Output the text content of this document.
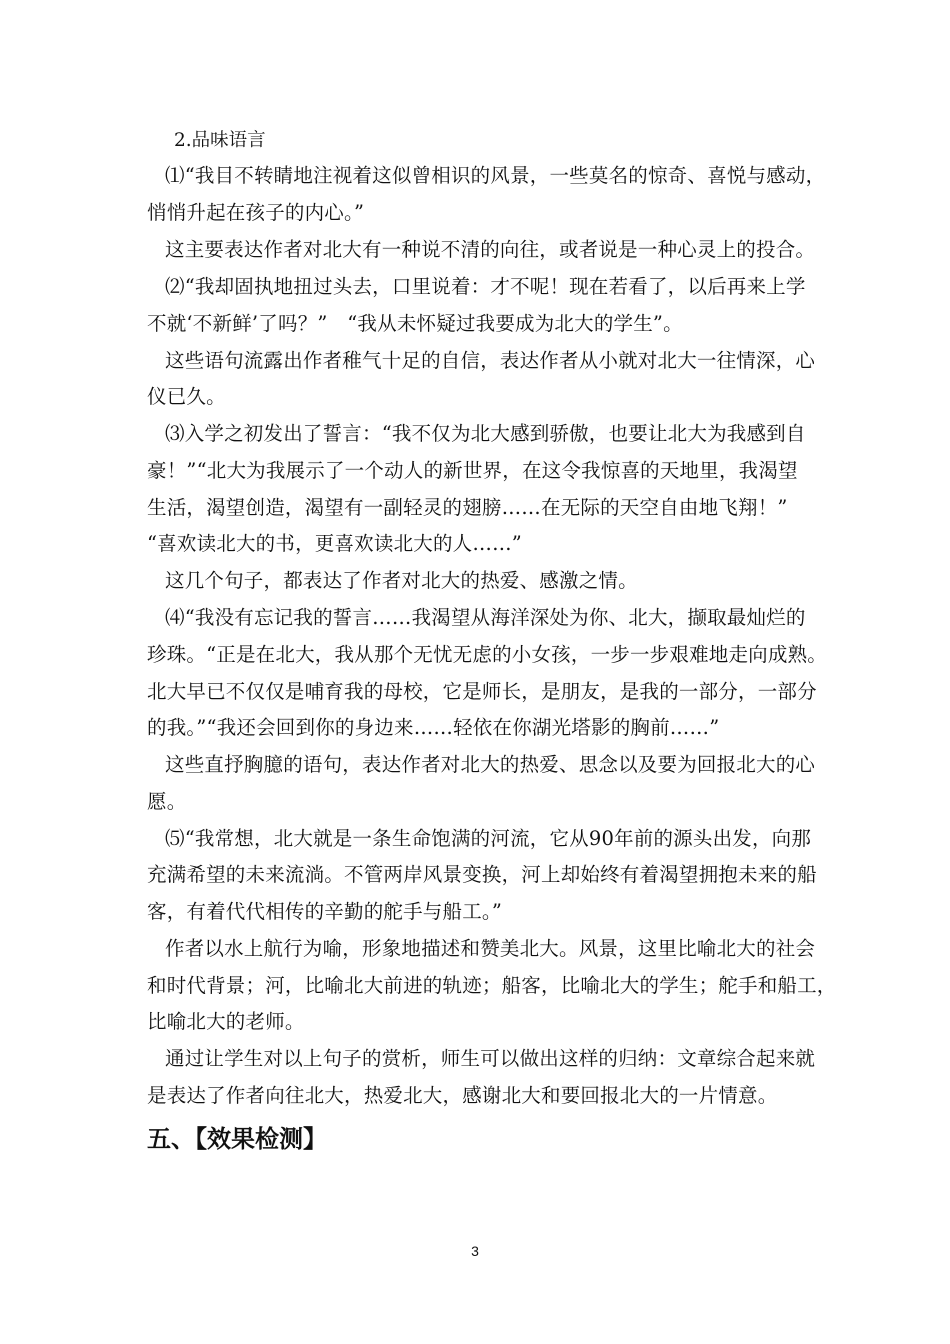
2.品味语言
⑴“我目不转睛地注视着这似曾相识的风景，一些莫名的惊奇、喜悦与感动，
悄悄升起在孩子的内心。”
这主要表达作者对北大有一种说不清的向往，或者说是一种心灵上的投合。
⑵“我却固执地扭过头去，口里说着：才不呢！现在若看了，以后再来上学
不就‘不新鲜’了吗？”　“我从未怀疑过我要成为北大的学生”。
这些语句流露出作者稚气十足的自信，表达作者从小就对北大一往情深，心
仪已久。
⑶入学之初发出了誓言：“我不仅为北大感到骄傲，也要让北大为我感到自
豪！”“北大为我展示了一个动人的新世界，在这令我惊喜的天地里，我渴望
生活，渴望创造，渴望有一副轻灵的翅膀……在无际的天空自由地飞翔！”
“喜欢读北大的书，更喜欢读北大的人……”
这几个句子，都表达了作者对北大的热爱、感激之情。
⑷“我没有忘记我的誓言……我渴望从海洋深处为你、北大，撷取最灿烂的
珍珠。“正是在北大，我从那个无忧无虑的小女孩，一步一步艰难地走向成熟。
北大早已不仅仅是哺育我的母校，它是师长，是朋友，是我的一部分，一部分
的我。”“我还会回到你的身边来……轻依在你湖光塔影的胸前……”
这些直抒胸臆的语句，表达作者对北大的热爱、思念以及要为回报北大的心
愿。
⑸“我常想，北大就是一条生命饱满的河流，它从90年前的源头出发，向那
充满希望的未来流淌。不管两岸风景变换，河上却始终有着渴望拥抱未来的船
客，有着代代相传的辛勤的舵手与船工。”
作者以水上航行为喻，形象地描述和赞美北大。风景，这里比喻北大的社会
和时代背景；河，比喻北大前进的轨迹；船客，比喻北大的学生；舵手和船工，
比喻北大的老师。
通过让学生对以上句子的赏析，师生可以做出这样的归纳：文章综合起来就
是表达了作者向往北大，热爱北大，感谢北大和要回报北大的一片情意。
五、【效果检测】
3
